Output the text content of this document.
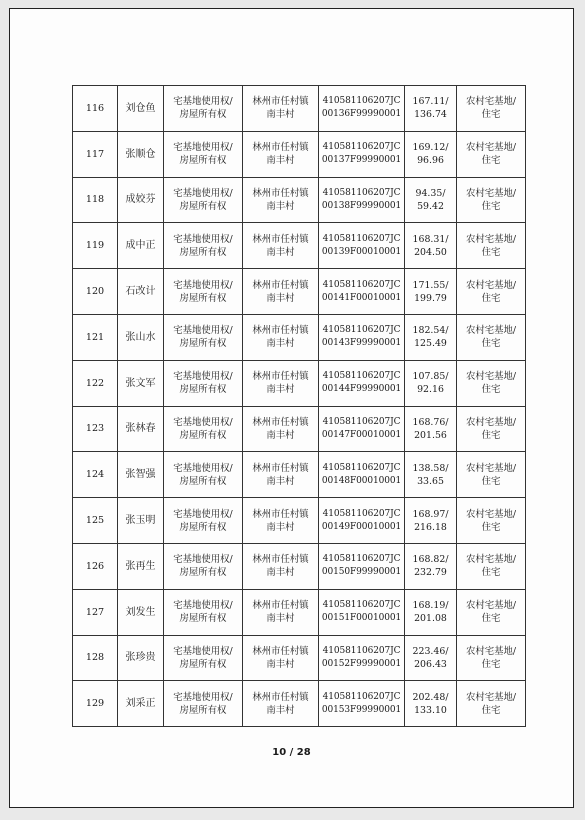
116	刘仓鱼	宅基地使用权/
房屋所有权	林州市任村镇
南丰村	410581106207JC
00136F99990001	167.11/
136.74	农村宅基地/
住宅
117	张顺仓	宅基地使用权/
房屋所有权	林州市任村镇
南丰村	410581106207JC
00137F99990001	169.12/
96.96	农村宅基地/
住宅
118	成姣芬	宅基地使用权/
房屋所有权	林州市任村镇
南丰村	410581106207JC
00138F99990001	94.35/
59.42	农村宅基地/
住宅
119	成中正	宅基地使用权/
房屋所有权	林州市任村镇
南丰村	410581106207JC
00139F00010001	168.31/
204.50	农村宅基地/
住宅
120	石改计	宅基地使用权/
房屋所有权	林州市任村镇
南丰村	410581106207JC
00141F00010001	171.55/
199.79	农村宅基地/
住宅
121	张山水	宅基地使用权/
房屋所有权	林州市任村镇
南丰村	410581106207JC
00143F99990001	182.54/
125.49	农村宅基地/
住宅
122	张文军	宅基地使用权/
房屋所有权	林州市任村镇
南丰村	410581106207JC
00144F99990001	107.85/
92.16	农村宅基地/
住宅
123	张林春	宅基地使用权/
房屋所有权	林州市任村镇
南丰村	410581106207JC
00147F00010001	168.76/
201.56	农村宅基地/
住宅
124	张智强	宅基地使用权/
房屋所有权	林州市任村镇
南丰村	410581106207JC
00148F00010001	138.58/
33.65	农村宅基地/
住宅
125	张玉明	宅基地使用权/
房屋所有权	林州市任村镇
南丰村	410581106207JC
00149F00010001	168.97/
216.18	农村宅基地/
住宅
126	张再生	宅基地使用权/
房屋所有权	林州市任村镇
南丰村	410581106207JC
00150F99990001	168.82/
232.79	农村宅基地/
住宅
127	刘发生	宅基地使用权/
房屋所有权	林州市任村镇
南丰村	410581106207JC
00151F00010001	168.19/
201.08	农村宅基地/
住宅
128	张珍贵	宅基地使用权/
房屋所有权	林州市任村镇
南丰村	410581106207JC
00152F99990001	223.46/
206.43	农村宅基地/
住宅
129	刘采正	宅基地使用权/
房屋所有权	林州市任村镇
南丰村	410581106207JC
00153F99990001	202.48/
133.10	农村宅基地/
住宅
10 / 28
